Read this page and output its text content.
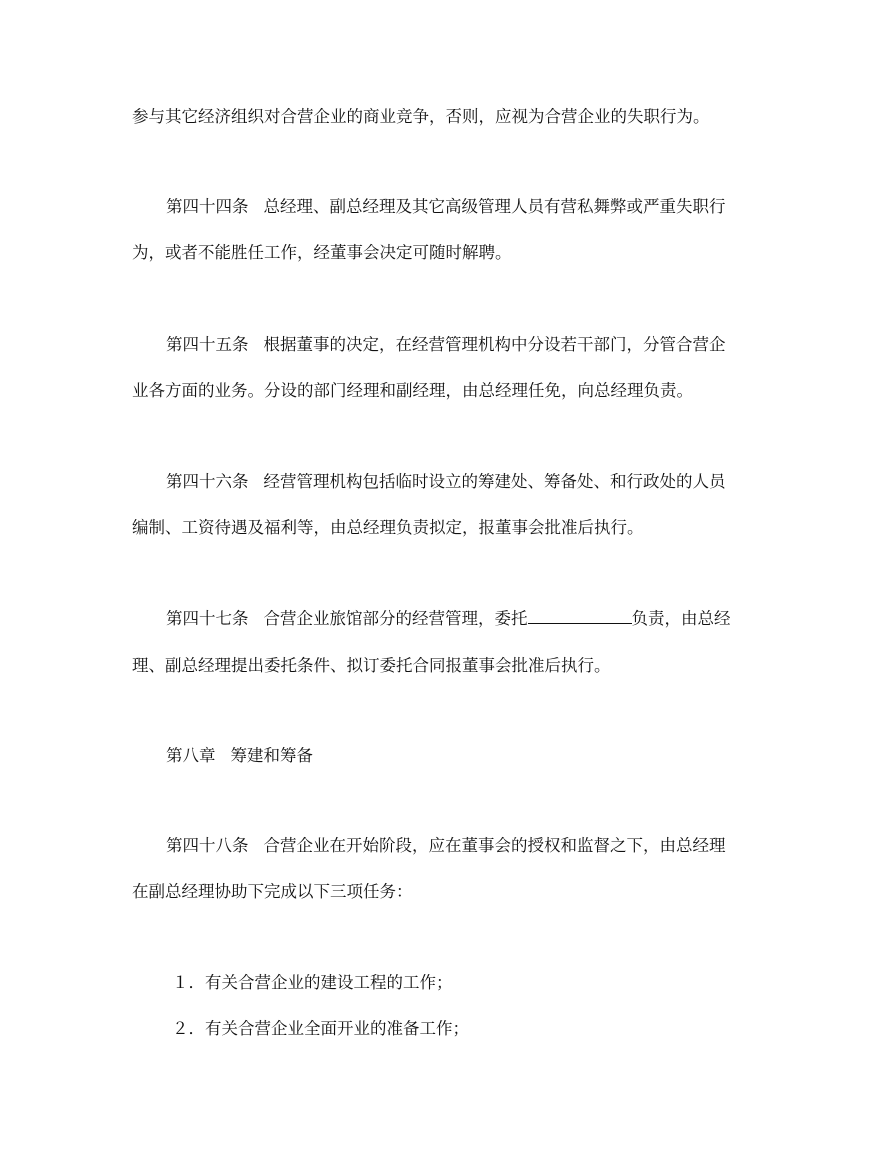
参与其它经济组织对合营企业的商业竞争，否则，应视为合营企业的失职行为。
第四十四条 总经理、副总经理及其它高级管理人员有营私舞弊或严重失职行
为，或者不能胜任工作，经董事会决定可随时解聘。
第四十五条 根据董事的决定，在经营管理机构中分设若干部门，分管合营企
业各方面的业务。分设的部门经理和副经理，由总经理任免，向总经理负责。
第四十六条 经营管理机构包括临时设立的筹建处、筹备处、和行政处的人员
编制、工资待遇及福利等，由总经理负责拟定，报董事会批准后执行。
第四十七条 合营企业旅馆部分的经营管理，委托	负责，由总经
理、副总经理提出委托条件、拟订委托合同报董事会批准后执行。
第八章 筹建和筹备
第四十八条 合营企业在开始阶段，应在董事会的授权和监督之下，由总经理
在副总经理协助下完成以下三项任务：
１．有关合营企业的建设工程的工作；
２．有关合营企业全面开业的准备工作；
